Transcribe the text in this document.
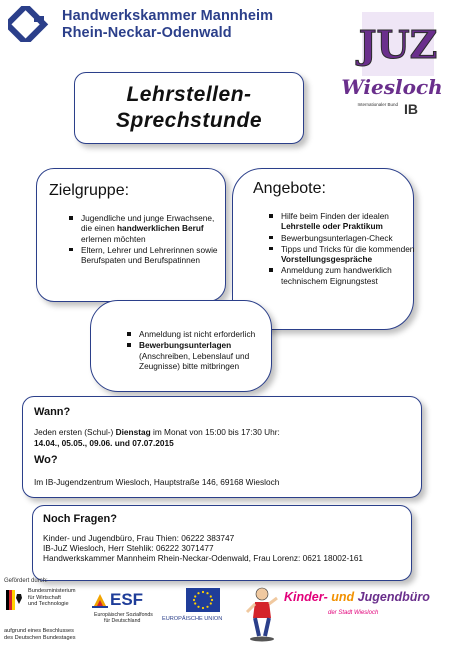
Handwerkskammer Mannheim
Rhein-Neckar-Odenwald	JUZ
Wiesloch
Internationaler Bund IB
Lehrstellen-
Sprechstunde
Zielgruppe:
Jugendliche und junge Erwachsene, die einen handwerklichen Beruf erlernen möchten
Eltern, Lehrer und Lehrerinnen sowie Berufspaten und Berufspatinnen
Angebote:
Hilfe beim Finden der idealen Lehrstelle oder Praktikum
Bewerbungsunterlagen-Check
Tipps und Tricks für die kommenden Vorstellungsgespräche
Anmeldung zum handwerklich technischem Eignungstest
Anmeldung ist nicht erforderlich
Bewerbungsunterlagen (Anschreiben, Lebenslauf und Zeugnisse) bitte mitbringen
Wann?
Jeden ersten (Schul-) Dienstag im Monat von 15:00 bis 17:30 Uhr:
14.04., 05.05., 09.06. und 07.07.2015
Wo?
Im IB-Jugendzentrum Wiesloch, Hauptstraße 146, 69168 Wiesloch
Noch Fragen?
Kinder- und Jugendbüro, Frau Thien: 06222 383747
IB-JuZ Wiesloch, Herr Stehlik: 06222 3071477
Handwerkskammer Mannheim Rhein-Neckar-Odenwald, Frau Lorenz: 0621 18002-161
Gefördert durch:
Bundesministerium
für Wirtschaft
und Technologie
aufgrund eines Beschlusses
des Deutschen Bundestages
ESF
Europäischer Sozialfonds
für Deutschland	EUROPÄISCHE UNION
Kinder- und Jugendbüro
der Stadt Wiesloch
